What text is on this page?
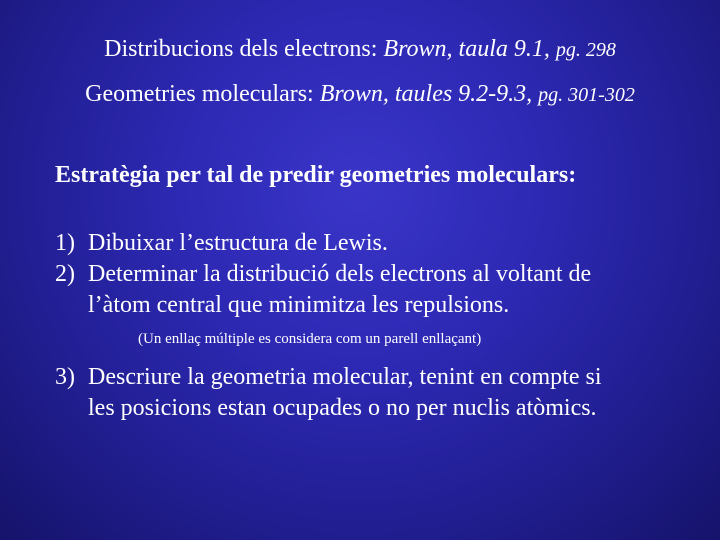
Distribucions dels electrons: Brown, taula 9.1, pg. 298
Geometries moleculars: Brown, taules 9.2-9.3, pg. 301-302
Estratègia per tal de predir geometries moleculars:
1) Dibuixar l’estructura de Lewis.
2) Determinar la distribució dels electrons al voltant de
l’àtom central que minimitza les repulsions.
(Un enllaç múltiple es considera com un parell enllaçant)
3) Descriure la geometria molecular, tenint en compte si
les posicions estan ocupades o no per nuclis atòmics.
